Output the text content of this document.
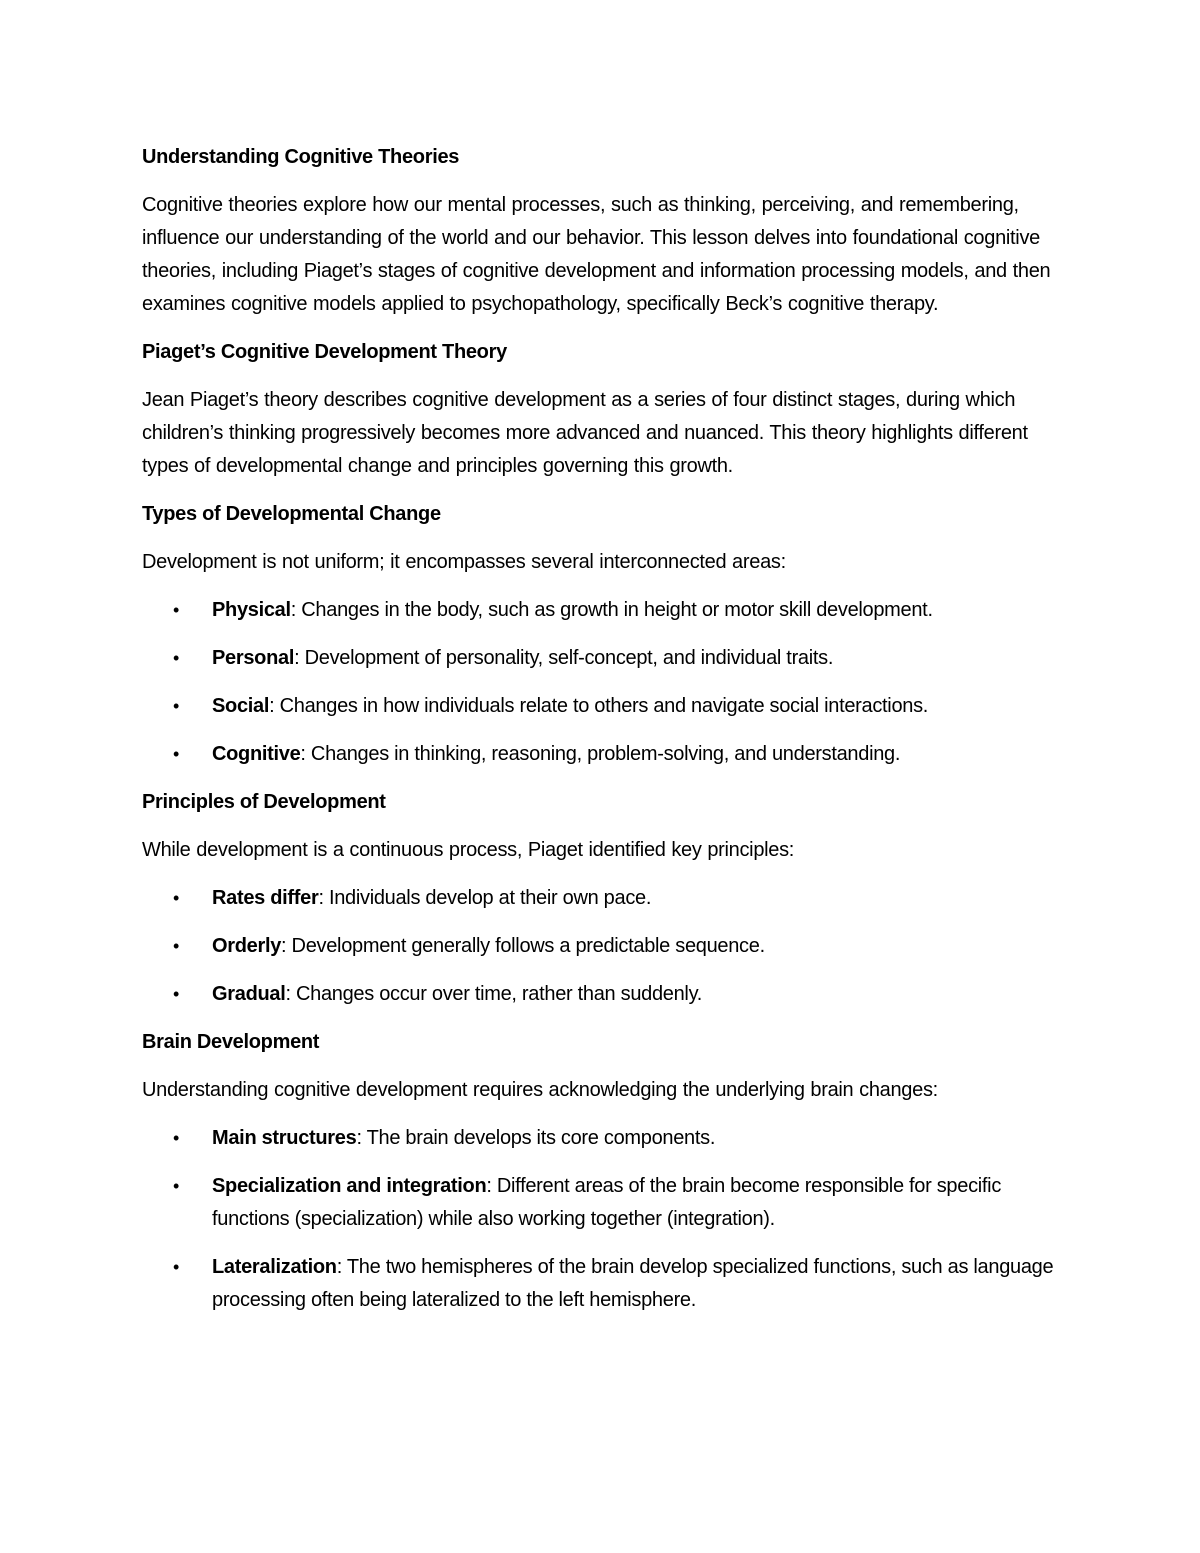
Understanding Cognitive Theories
Cognitive theories explore how our mental processes, such as thinking, perceiving, and remembering, influence our understanding of the world and our behavior. This lesson delves into foundational cognitive theories, including Piaget’s stages of cognitive development and information processing models, and then examines cognitive models applied to psychopathology, specifically Beck’s cognitive therapy.
Piaget’s Cognitive Development Theory
Jean Piaget’s theory describes cognitive development as a series of four distinct stages, during which children’s thinking progressively becomes more advanced and nuanced. This theory highlights different types of developmental change and principles governing this growth.
Types of Developmental Change
Development is not uniform; it encompasses several interconnected areas:
• Physical: Changes in the body, such as growth in height or motor skill development.
• Personal: Development of personality, self-concept, and individual traits.
• Social: Changes in how individuals relate to others and navigate social interactions.
• Cognitive: Changes in thinking, reasoning, problem-solving, and understanding.
Principles of Development
While development is a continuous process, Piaget identified key principles:
• Rates differ: Individuals develop at their own pace.
• Orderly: Development generally follows a predictable sequence.
• Gradual: Changes occur over time, rather than suddenly.
Brain Development
Understanding cognitive development requires acknowledging the underlying brain changes:
• Main structures: The brain develops its core components.
• Specialization and integration: Different areas of the brain become responsible for specific functions (specialization) while also working together (integration).
• Lateralization: The two hemispheres of the brain develop specialized functions, such as language processing often being lateralized to the left hemisphere.
